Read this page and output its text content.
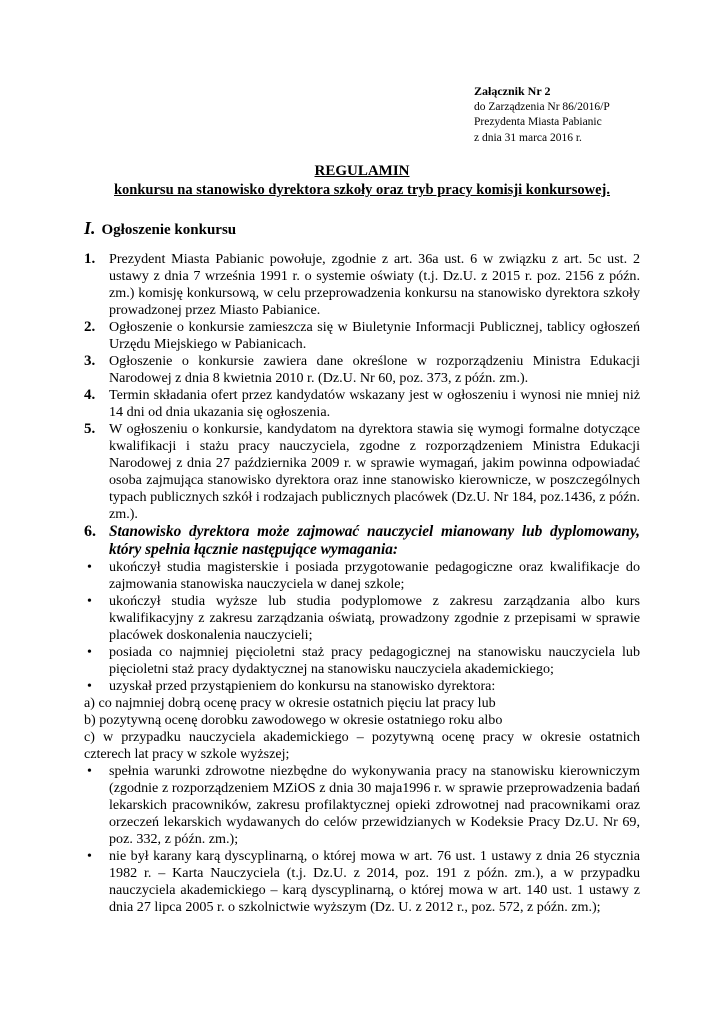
Załącznik Nr 2
do Zarządzenia Nr 86/2016/P
Prezydenta Miasta Pabianic
z dnia 31 marca 2016 r.
REGULAMIN
konkursu na stanowisko dyrektora szkoły oraz tryb pracy komisji konkursowej.
I. Ogłoszenie konkursu
1. Prezydent Miasta Pabianic powołuje, zgodnie z art. 36a ust. 6 w związku z art. 5c ust. 2 ustawy z dnia 7 września 1991 r. o systemie oświaty (t.j. Dz.U. z 2015 r. poz. 2156 z późn. zm.) komisję konkursową, w celu przeprowadzenia konkursu na stanowisko dyrektora szkoły prowadzonej przez Miasto Pabianice.
2. Ogłoszenie o konkursie zamieszcza się w Biuletynie Informacji Publicznej, tablicy ogłoszeń Urzędu Miejskiego w Pabianicach.
3. Ogłoszenie o konkursie zawiera dane określone w rozporządzeniu Ministra Edukacji Narodowej z dnia 8 kwietnia 2010 r. (Dz.U. Nr 60, poz. 373, z późn. zm.).
4. Termin składania ofert przez kandydatów wskazany jest w ogłoszeniu i wynosi nie mniej niż 14 dni od dnia ukazania się ogłoszenia.
5. W ogłoszeniu o konkursie, kandydatom na dyrektora stawia się wymogi formalne dotyczące kwalifikacji i stażu pracy nauczyciela, zgodne z rozporządzeniem Ministra Edukacji Narodowej z dnia 27 października 2009 r. w sprawie wymagań, jakim powinna odpowiadać osoba zajmująca stanowisko dyrektora oraz inne stanowisko kierownicze, w poszczególnych typach publicznych szkół i rodzajach publicznych placówek (Dz.U. Nr 184, poz.1436, z późn. zm.).
6. Stanowisko dyrektora może zajmować nauczyciel mianowany lub dyplomowany, który spełnia łącznie następujące wymagania:
• ukończył studia magisterskie i posiada przygotowanie pedagogiczne oraz kwalifikacje do zajmowania stanowiska nauczyciela w danej szkole;
• ukończył studia wyższe lub studia podyplomowe z zakresu zarządzania albo kurs kwalifikacyjny z zakresu zarządzania oświatą, prowadzony zgodnie z przepisami w sprawie placówek doskonalenia nauczycieli;
• posiada co najmniej pięcioletni staż pracy pedagogicznej na stanowisku nauczyciela lub pięcioletni staż pracy dydaktycznej na stanowisku nauczyciela akademickiego;
• uzyskał przed przystąpieniem do konkursu na stanowisko dyrektora:
a) co najmniej dobrą ocenę pracy w okresie ostatnich pięciu lat pracy lub
b) pozytywną ocenę dorobku zawodowego w okresie ostatniego roku albo
c) w przypadku nauczyciela akademickiego – pozytywną ocenę pracy w okresie ostatnich czterech lat pracy w szkole wyższej;
• spełnia warunki zdrowotne niezbędne do wykonywania pracy na stanowisku kierowniczym (zgodnie z rozporządzeniem MZiOS z dnia 30 maja1996 r. w sprawie przeprowadzenia badań lekarskich pracowników, zakresu profilaktycznej opieki zdrowotnej nad pracownikami oraz orzeczeń lekarskich wydawanych do celów przewidzianych w Kodeksie Pracy Dz.U. Nr 69, poz. 332, z późn. zm.);
• nie był karany karą dyscyplinarną, o której mowa w art. 76 ust. 1 ustawy z dnia 26 stycznia 1982 r. – Karta Nauczyciela (t.j. Dz.U. z 2014, poz. 191 z późn. zm.), a w przypadku nauczyciela akademickiego – karą dyscyplinarną, o której mowa w art. 140 ust. 1 ustawy z dnia 27 lipca 2005 r. o szkolnictwie wyższym (Dz. U. z 2012 r., poz. 572, z późn. zm.);
